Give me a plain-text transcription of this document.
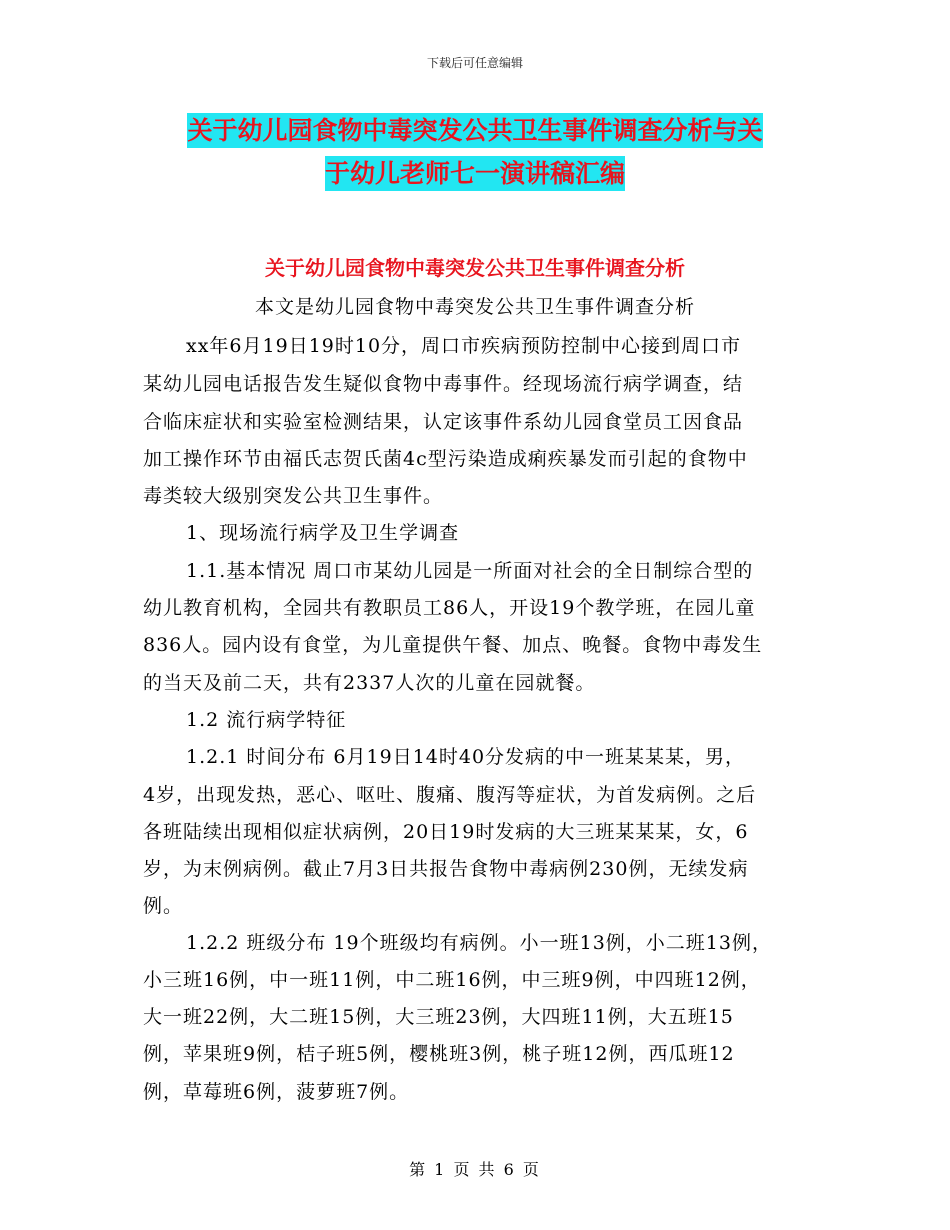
下载后可任意编辑
关于幼儿园食物中毒突发公共卫生事件调查分析与关
于幼儿老师七一演讲稿汇编
关于幼儿园食物中毒突发公共卫生事件调查分析
本文是幼儿园食物中毒突发公共卫生事件调查分析
xx年6月19日19时10分，周口市疾病预防控制中心接到周口市
某幼儿园电话报告发生疑似食物中毒事件。经现场流行病学调查，结
合临床症状和实验室检测结果，认定该事件系幼儿园食堂员工因食品
加工操作环节由福氏志贺氏菌4c型污染造成痢疾暴发而引起的食物中
毒类较大级别突发公共卫生事件。
1、现场流行病学及卫生学调查
1.1.基本情况 周口市某幼儿园是一所面对社会的全日制综合型的
幼儿教育机构，全园共有教职员工86人，开设19个教学班，在园儿童
836人。园内设有食堂，为儿童提供午餐、加点、晚餐。食物中毒发生
的当天及前二天，共有2337人次的儿童在园就餐。
1.2 流行病学特征
1.2.1 时间分布 6月19日14时40分发病的中一班某某某，男，
4岁，出现发热，恶心、呕吐、腹痛、腹泻等症状，为首发病例。之后
各班陆续出现相似症状病例，20日19时发病的大三班某某某，女，6
岁，为末例病例。截止7月3日共报告食物中毒病例230例，无续发病
例。
1.2.2 班级分布 19个班级均有病例。小一班13例，小二班13例，
小三班16例，中一班11例，中二班16例，中三班9例，中四班12例，
大一班22例，大二班15例，大三班23例，大四班11例，大五班15
例，苹果班9例，桔子班5例，樱桃班3例，桃子班12例，西瓜班12
例，草莓班6例，菠萝班7例。
第 1 页 共 6 页
